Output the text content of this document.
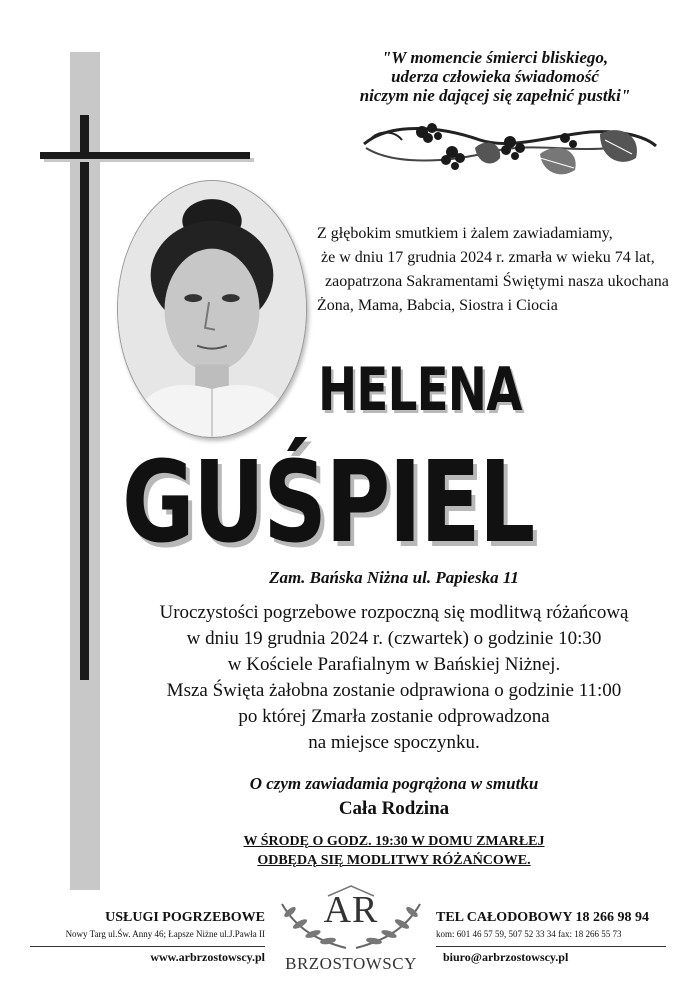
"W momencie śmierci bliskiego,
uderza człowieka świadomość
niczym nie dającej się zapełnić pustki"
Z głębokim smutkiem i żalem zawiadamiamy,
że w dniu 17 grudnia 2024 r. zmarła w wieku 74 lat,
zaopatrzona Sakramentami Świętymi nasza ukochana
Żona, Mama, Babcia, Siostra i Ciocia
HELENA
GUŚPIEL
Zam. Bańska Niżna ul. Papieska 11
Uroczystości pogrzebowe rozpoczną się modlitwą różańcową
w dniu 19 grudnia 2024 r. (czwartek) o godzinie 10:30
w Kościele Parafialnym w Bańskiej Niżnej.
Msza Święta żałobna zostanie odprawiona o godzinie 11:00
po której Zmarła zostanie odprowadzona
na miejsce spoczynku.
O czym zawiadamia pogrążona w smutku
Cała Rodzina
W ŚRODĘ O GODZ. 19:30 W DOMU ZMARŁEJ
ODBĘDĄ SIĘ MODLITWY RÓŻAŃCOWE.
USŁUGI POGRZEBOWE
Nowy Targ ul.Św. Anny 46; Łapsze Niżne ul.J.Pawła II
www.arbrzostowscy.pl
AR
BRZOSTOWSCY
TEL CAŁODOBOWY 18 266 98 94
kom: 601 46 57 59, 507 52 33 34 fax: 18 266 55 73
biuro@arbrzostowscy.pl
